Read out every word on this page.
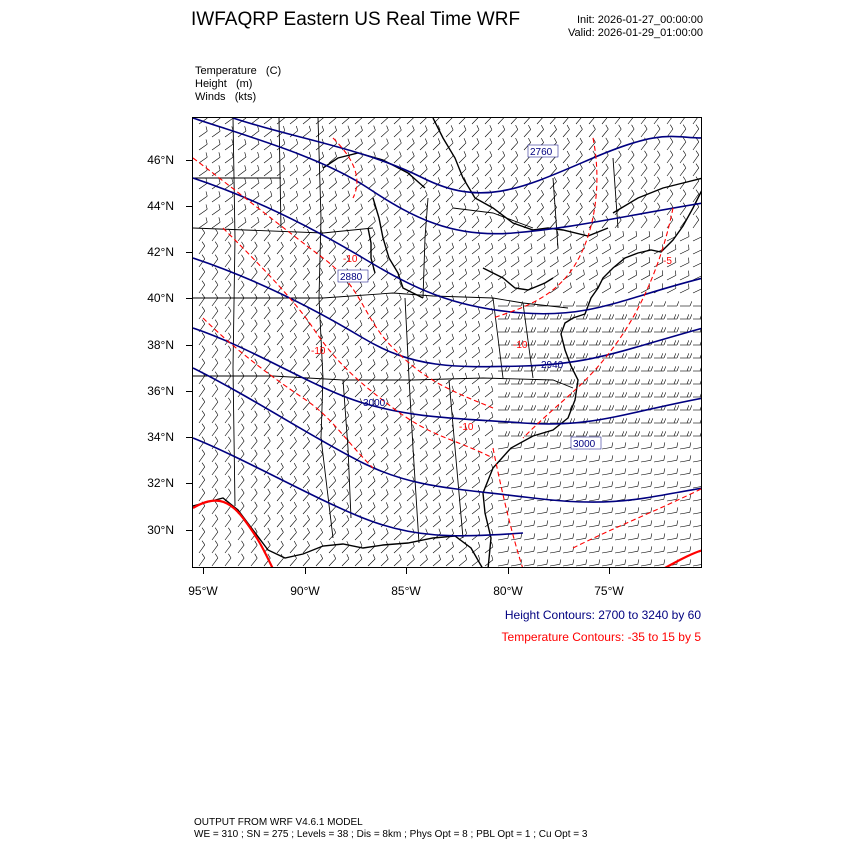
IWFAQRP Eastern US Real Time WRF	Init: 2026-01-27_00:00:00
Valid: 2026-01-29_01:00:00
Temperature   (C)
Height   (m)
Winds   (kts)
2760
2880
3000
3000
2940
-10
-10
-10
-10
-5
46°N
44°N
42°N
40°N
38°N
36°N
34°N
32°N
30°N
95°W	90°W	85°W	80°W	75°W
Height Contours: 2700 to 3240 by 60
Temperature Contours: -35 to 15 by 5
OUTPUT FROM WRF V4.6.1 MODEL
WE = 310 ; SN = 275 ; Levels = 38 ; Dis = 8km ; Phys Opt = 8 ; PBL Opt = 1 ; Cu Opt = 3
